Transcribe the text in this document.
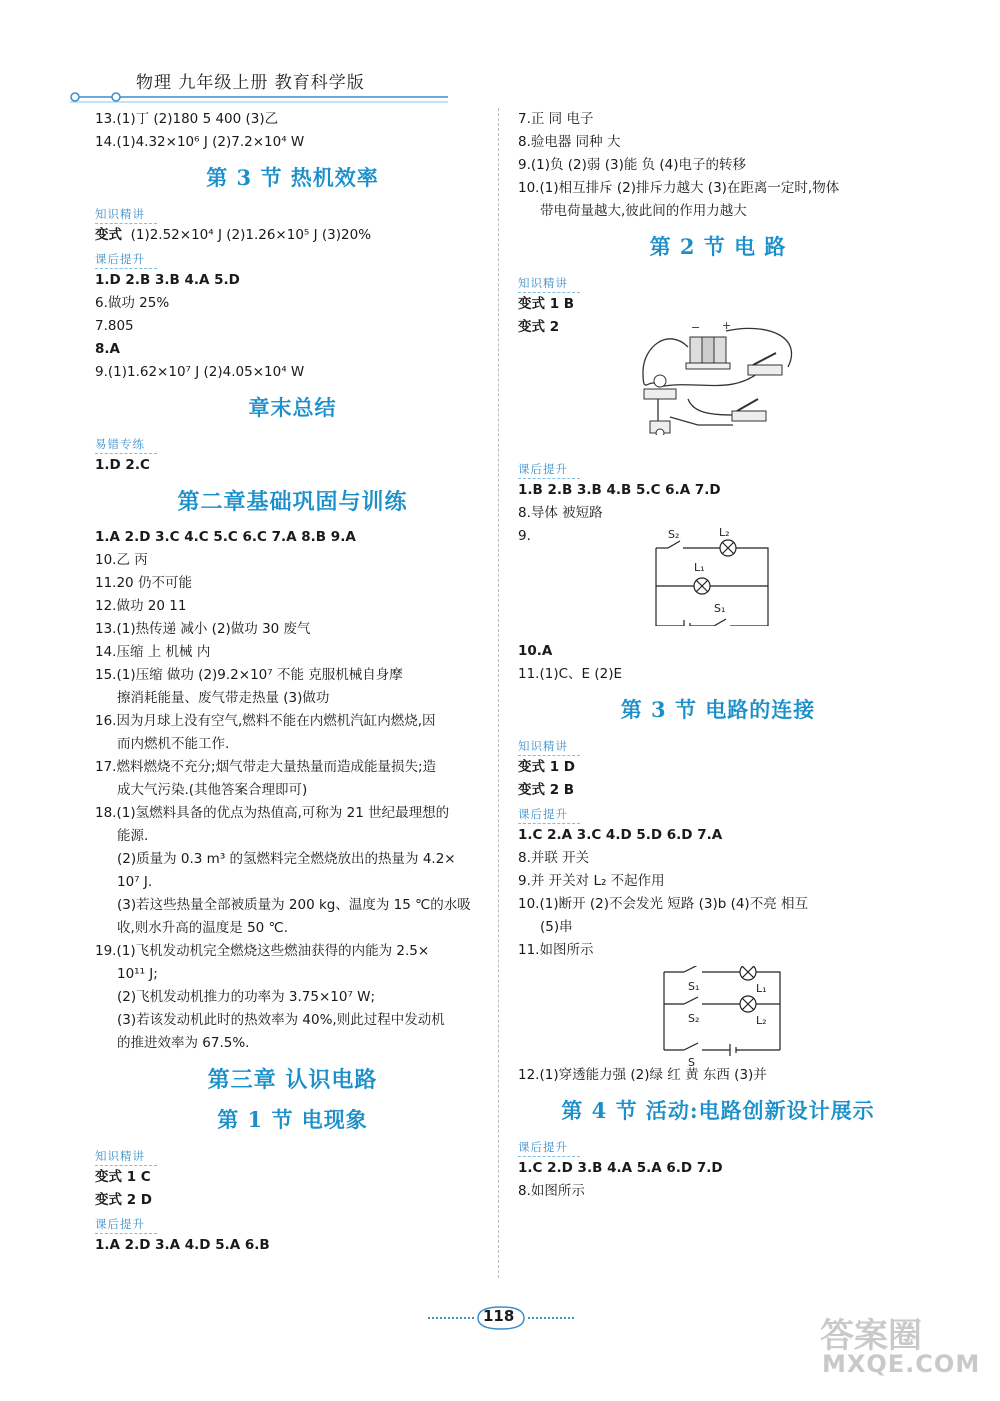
物理 九年级上册 教育科学版
13.(1)丁 (2)180 5 400 (3)乙
14.(1)4.32×10⁶ J (2)7.2×10⁴ W
第 3 节 热机效率
知识精讲
变式 (1)2.52×10⁴ J (2)1.26×10⁵ J (3)20%
课后提升
1.D 2.B 3.B 4.A 5.D
6.做功 25%
7.805
8.A
9.(1)1.62×10⁷ J (2)4.05×10⁴ W
章末总结
易错专练
1.D 2.C
第二章基础巩固与训练
1.A 2.D 3.C 4.C 5.C 6.C 7.A 8.B 9.A
10.乙 丙
11.20 仍不可能
12.做功 20 11
13.(1)热传递 减小 (2)做功 30 废气
14.压缩 上 机械 内
15.(1)压缩 做功 (2)9.2×10⁷ 不能 克服机械自身摩
擦消耗能量、废气带走热量 (3)做功
16.因为月球上没有空气,燃料不能在内燃机汽缸内燃烧,因
而内燃机不能工作.
17.燃料燃烧不充分;烟气带走大量热量而造成能量损失;造
成大气污染.(其他答案合理即可)
18.(1)氢燃料具备的优点为热值高,可称为 21 世纪最理想的
能源.
(2)质量为 0.3 m³ 的氢燃料完全燃烧放出的热量为 4.2×
10⁷ J.
(3)若这些热量全部被质量为 200 kg、温度为 15 ℃的水吸
收,则水升高的温度是 50 ℃.
19.(1)飞机发动机完全燃烧这些燃油获得的内能为 2.5×
10¹¹ J;
(2)飞机发动机推力的功率为 3.75×10⁷ W;
(3)若该发动机此时的热效率为 40%,则此过程中发动机
的推进效率为 67.5%.
第三章 认识电路
第 1 节 电现象
知识精讲
变式 1 C
变式 2 D
课后提升
1.A 2.D 3.A 4.D 5.A 6.B
7.正 同 电子
8.验电器 同种 大
9.(1)负 (2)弱 (3)能 负 (4)电子的转移
10.(1)相互排斥 (2)排斥力越大 (3)在距离一定时,物体
带电荷量越大,彼此间的作用力越大
第 2 节 电 路
知识精讲
变式 1 B
变式 2	− +
课后提升
1.B 2.B 3.B 4.B 5.C 6.A 7.D
8.导体 被短路
9.	S₂	L₂
L₁
S₁
10.A
11.(1)C、E (2)E
第 3 节 电路的连接
知识精讲
变式 1 D
变式 2 B
课后提升
1.C 2.A 3.C 4.D 5.D 6.D 7.A
8.并联 开关
9.并 开关对 L₂ 不起作用
10.(1)断开 (2)不会发光 短路 (3)b (4)不亮 相互
(5)串
11.如图所示
S₁	L₁
S₂	L₂
S
12.(1)穿透能力强 (2)绿 红 黄 东西 (3)并
第 4 节 活动:电路创新设计展示
课后提升
1.C 2.D 3.B 4.A 5.A 6.D 7.D
8.如图所示
118	答案圈
MXQE.COM
